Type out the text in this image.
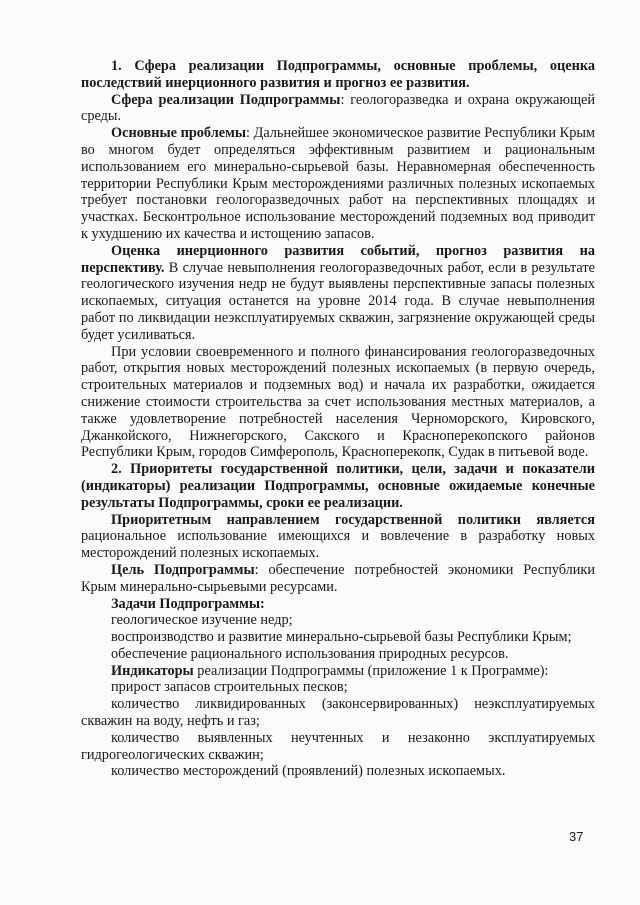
1. Сфера реализации Подпрограммы, основные проблемы, оценка последствий инерционного развития и прогноз ее развития.

Сфера реализации Подпрограммы: геологоразведка и охрана окружающей среды.

Основные проблемы: Дальнейшее экономическое развитие Республики Крым во многом будет определяться эффективным развитием и рациональным использованием его минерально-сырьевой базы. Неравномерная обеспеченность территории Республики Крым месторождениями различных полезных ископаемых требует постановки геологоразведочных работ на перспективных площадях и участках. Бесконтрольное использование месторождений подземных вод приводит к ухудшению их качества и истощению запасов.

Оценка инерционного развития событий, прогноз развития на перспективу. В случае невыполнения геологоразведочных работ, если в результате геологического изучения недр не будут выявлены перспективные запасы полезных ископаемых, ситуация останется на уровне 2014 года. В случае невыполнения работ по ликвидации неэксплуатируемых скважин, загрязнение окружающей среды будет усиливаться.

При условии своевременного и полного финансирования геологоразведочных работ, открытия новых месторождений полезных ископаемых (в первую очередь, строительных материалов и подземных вод) и начала их разработки, ожидается снижение стоимости строительства за счет использования местных материалов, а также удовлетворение потребностей населения Черноморского, Кировского, Джанкойского, Нижнегорского, Сакского и Красноперекопского районов Республики Крым, городов Симферополь, Красноперекопк, Судак в питьевой воде.

2. Приоритеты государственной политики, цели, задачи и показатели (индикаторы) реализации Подпрограммы, основные ожидаемые конечные результаты Подпрограммы, сроки ее реализации.

Приоритетным направлением государственной политики является рациональное использование имеющихся и вовлечение в разработку новых месторождений полезных ископаемых.

Цель Подпрограммы: обеспечение потребностей экономики Республики Крым минерально-сырьевыми ресурсами.

Задачи Подпрограммы:

геологическое изучение недр;

воспроизводство и развитие минерально-сырьевой базы Республики Крым;

обеспечение рационального использования природных ресурсов.

Индикаторы реализации Подпрограммы (приложение 1 к Программе):

прирост запасов строительных песков;

количество ликвидированных (законсервированных) неэксплуатируемых скважин на воду, нефть и газ;

количество выявленных неучтенных и незаконно эксплуатируемых гидрогеологических скважин;

количество месторождений (проявлений) полезных ископаемых.

37
